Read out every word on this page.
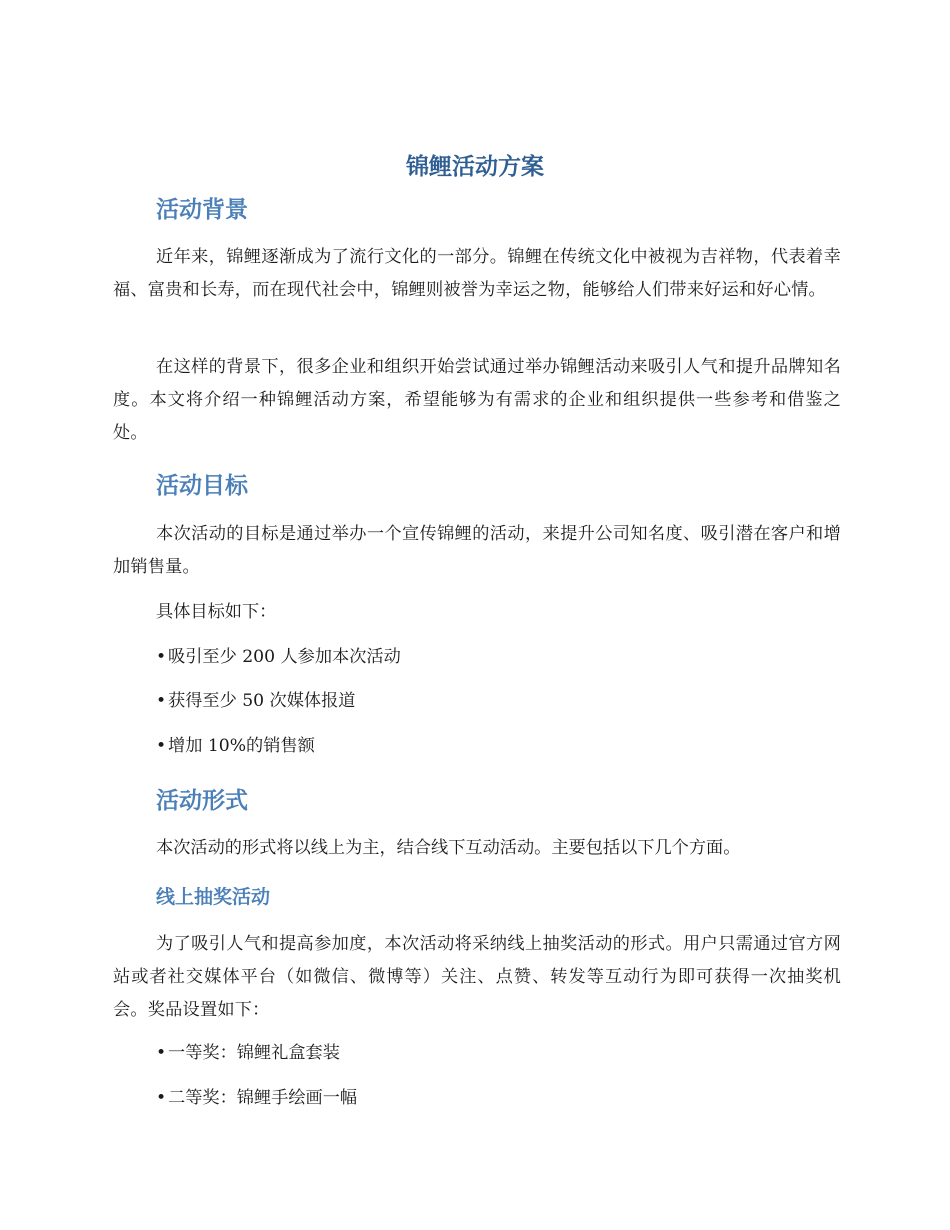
锦鲤活动方案
活动背景

近年来，锦鲤逐渐成为了流行文化的一部分。锦鲤在传统文化中被视为吉祥物，代表着幸福、富贵和长寿，而在现代社会中，锦鲤则被誉为幸运之物，能够给人们带来好运和好心情。

在这样的背景下，很多企业和组织开始尝试通过举办锦鲤活动来吸引人气和提升品牌知名度。本文将介绍一种锦鲤活动方案，希望能够为有需求的企业和组织提供一些参考和借鉴之处。

活动目标

本次活动的目标是通过举办一个宣传锦鲤的活动，来提升公司知名度、吸引潜在客户和增加销售量。

具体目标如下：

• 吸引至少 200 人参加本次活动

• 获得至少 50 次媒体报道

• 增加 10%的销售额

活动形式

本次活动的形式将以线上为主，结合线下互动活动。主要包括以下几个方面。

线上抽奖活动

为了吸引人气和提高参加度，本次活动将采纳线上抽奖活动的形式。用户只需通过官方网站或者社交媒体平台（如微信、微博等）关注、点赞、转发等互动行为即可获得一次抽奖机会。奖品设置如下：

• 一等奖：锦鲤礼盒套装

• 二等奖：锦鲤手绘画一幅
